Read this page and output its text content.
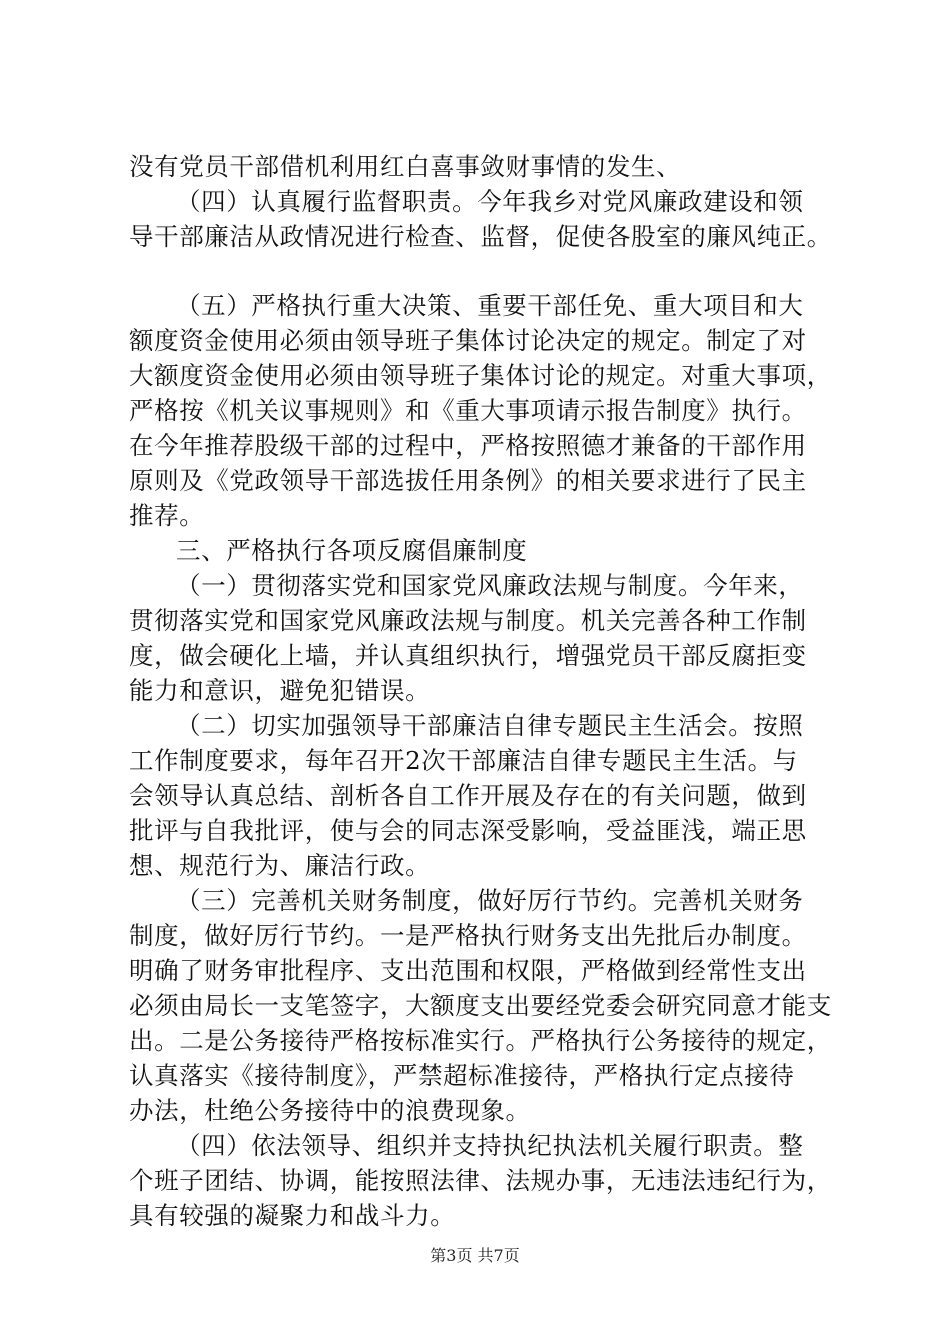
没有党员干部借机利用红白喜事敛财事情的发生、
（四）认真履行监督职责。今年我乡对党风廉政建设和领
导干部廉洁从政情况进行检查、监督，促使各股室的廉风纯正。
（五）严格执行重大决策、重要干部任免、重大项目和大
额度资金使用必须由领导班子集体讨论决定的规定。制定了对
大额度资金使用必须由领导班子集体讨论的规定。对重大事项，
严格按《机关议事规则》和《重大事项请示报告制度》执行。
在今年推荐股级干部的过程中，严格按照德才兼备的干部作用
原则及《党政领导干部选拔任用条例》的相关要求进行了民主
推荐。
三、严格执行各项反腐倡廉制度
（一）贯彻落实党和国家党风廉政法规与制度。今年来，
贯彻落实党和国家党风廉政法规与制度。机关完善各种工作制
度，做会硬化上墙，并认真组织执行，增强党员干部反腐拒变
能力和意识，避免犯错误。
（二）切实加强领导干部廉洁自律专题民主生活会。按照
工作制度要求，每年召开2次干部廉洁自律专题民主生活。与
会领导认真总结、剖析各自工作开展及存在的有关问题，做到
批评与自我批评，使与会的同志深受影响，受益匪浅，端正思
想、规范行为、廉洁行政。
（三）完善机关财务制度，做好厉行节约。完善机关财务
制度，做好厉行节约。一是严格执行财务支出先批后办制度。
明确了财务审批程序、支出范围和权限，严格做到经常性支出
必须由局长一支笔签字，大额度支出要经党委会研究同意才能支
出。二是公务接待严格按标准实行。严格执行公务接待的规定，
认真落实《接待制度》，严禁超标准接待，严格执行定点接待
办法，杜绝公务接待中的浪费现象。
（四）依法领导、组织并支持执纪执法机关履行职责。整
个班子团结、协调，能按照法律、法规办事，无违法违纪行为，
具有较强的凝聚力和战斗力。
第3页 共7页
